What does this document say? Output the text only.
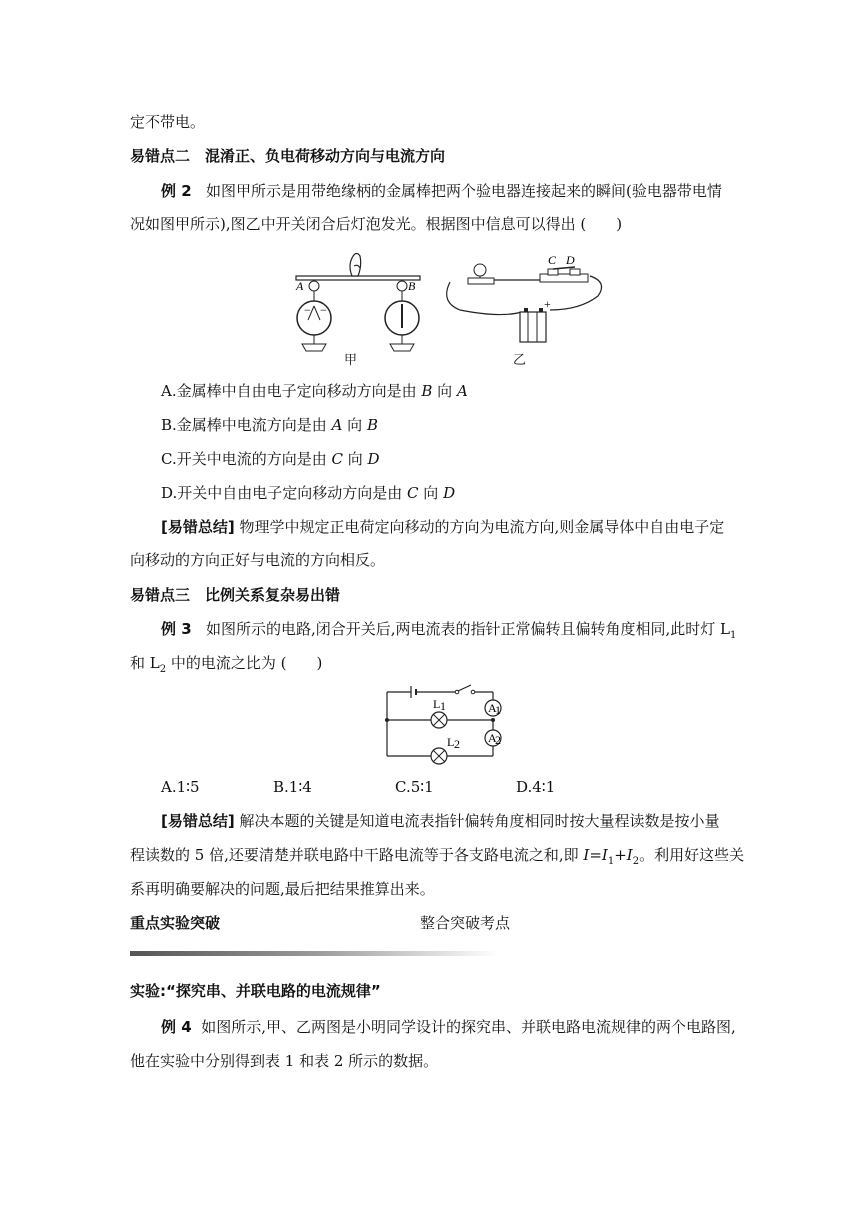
定不带电。
易错点二　混淆正、负电荷移动方向与电流方向
例 2 如图甲所示是用带绝缘柄的金属棒把两个验电器连接起来的瞬间(验电器带电情
况如图甲所示),图乙中开关闭合后灯泡发光。根据图中信息可以得出 (　　)
− −
A	B
甲
C D
+
乙
A.金属棒中自由电子定向移动方向是由 B 向 A
B.金属棒中电流方向是由 A 向 B
C.开关中电流的方向是由 C 向 D
D.开关中自由电子定向移动方向是由 C 向 D
[易错总结] 物理学中规定正电荷定向移动的方向为电流方向,则金属导体中自由电子定
向移动的方向正好与电流的方向相反。
易错点三　比例关系复杂易出错
例 3 如图所示的电路,闭合开关后,两电流表的指针正常偏转且偏转角度相同,此时灯 $L_1$
和 $L_2$ 中的电流之比为 (　　)
A
1
A
2
L 1
L 2
A.1∶5	B.1∶4	C.5∶1	D.4∶1
[易错总结] 解决本题的关键是知道电流表指针偏转角度相同时按大量程读数是按小量
程读数的 5 倍,还要清楚并联电路中干路电流等于各支路电流之和,即 $I=I_1+I_2$。利用好这些关
系再明确要解决的问题,最后把结果推算出来。
重点实验突破	整合突破考点
实验:“探究串、并联电路的电流规律”
例 4 如图所示,甲、乙两图是小明同学设计的探究串、并联电路电流规律的两个电路图,
他在实验中分别得到表 1 和表 2 所示的数据。
